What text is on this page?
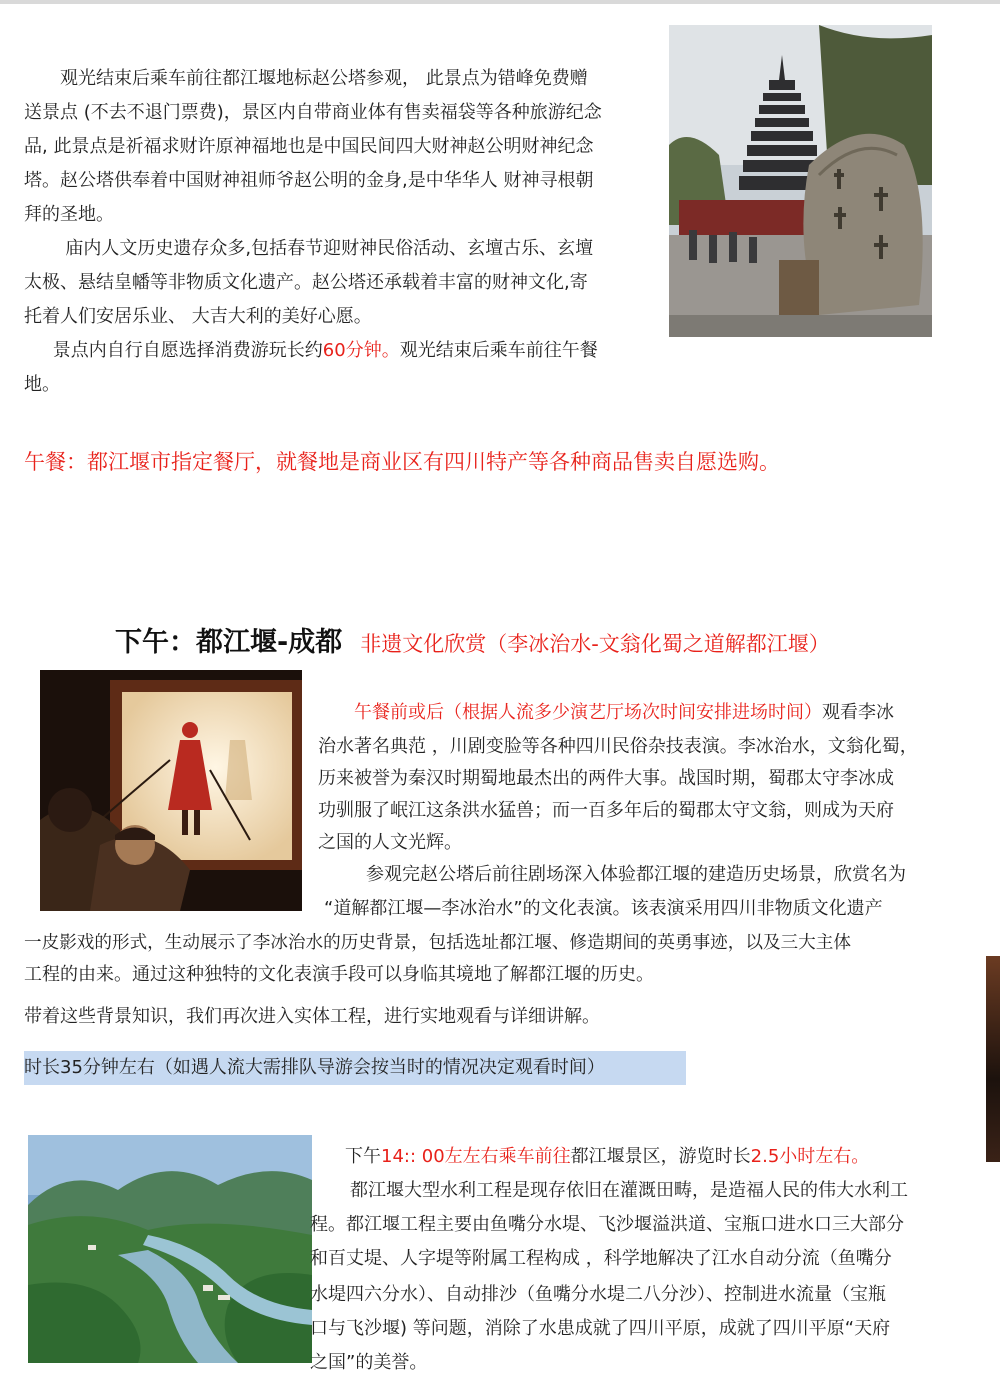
观光结束后乘车前往都江堰地标赵公塔参观， 此景点为错峰免费赠送景点 (不去不退门票费)，景区内自带商业体有售卖福袋等各种旅游纪念品, 此景点是祈福求财许原神福地也是中国民间四大财神赵公明财神纪念塔。赵公塔供奉着中国财神祖师爷赵公明的金身,是中华华人 财神寻根朝拜的圣地。

庙内人文历史遗存众多,包括春节迎财神民俗活动、玄壇古乐、玄壇太极、悬结皇幡等非物质文化遗产。赵公塔还承载着丰富的财神文化,寄托着人们安居乐业、 大吉大利的美好心愿。

景点内自行自愿选择消费游玩长约60分钟。观光结束后乘车前往午餐地。

午餐：都江堰市指定餐厅，就餐地是商业区有四川特产等各种商品售卖自愿选购。
下午：都江堰-成都 非遗文化欣赏（李冰治水-文翁化蜀之道解都江堰）
午餐前或后（根据人流多少演艺厅场次时间安排进场时间）观看李冰
治水著名典范 ，川剧变脸等各种四川民俗杂技表演。李冰治水，文翁化蜀，
历来被誉为秦汉时期蜀地最杰出的两件大事。战国时期，蜀郡太守李冰成
功驯服了岷江这条洪水猛兽；而一百多年后的蜀郡太守文翁，则成为天府
之国的人文光辉。
参观完赵公塔后前往剧场深入体验都江堰的建造历史场景，欣赏名为
“道解都江堰—李冰治水”的文化表演。该表演采用四川非物质文化遗产
一皮影戏的形式，生动展示了李冰治水的历史背景，包括选址都江堰、修造期间的英勇事迹，以及三大主体
工程的由来。通过这种独特的文化表演手段可以身临其境地了解都江堰的历史。
带着这些背景知识，我们再次进入实体工程，进行实地观看与详细讲解。
时长35分钟左右（如遇人流大需排队导游会按当时的情况决定观看时间）
下午14:: 00左左右乘车前往都江堰景区，游览时长2.5小时左右。
都江堰大型水利工程是现存依旧在灌溉田畴，是造福人民的伟大水利工
程。都江堰工程主要由鱼嘴分水堤、飞沙堰溢洪道、宝瓶口进水口三大部分
和百丈堤、人字堤等附属工程构成 ，科学地解决了江水自动分流（鱼嘴分
水堤四六分水）、自动排沙（鱼嘴分水堤二八分沙）、控制进水流量（宝瓶
口与飞沙堰) 等问题，消除了水患成就了四川平原，成就了四川平原“天府
之国”的美誉。
